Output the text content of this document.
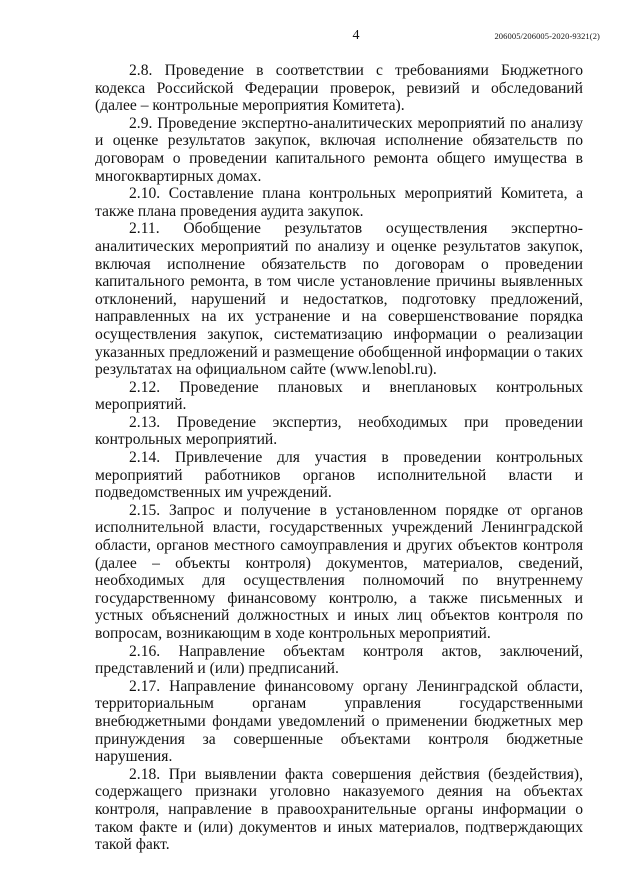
4	206005/206005-2020-9321(2)

2.8. Проведение в соответствии с требованиями Бюджетного кодекса Российской Федерации проверок, ревизий и обследований (далее – контрольные мероприятия Комитета).

2.9. Проведение экспертно-аналитических мероприятий по анализу и оценке результатов закупок, включая исполнение обязательств по договорам о проведении капитального ремонта общего имущества в многоквартирных домах.

2.10. Составление плана контрольных мероприятий Комитета, а также плана проведения аудита закупок.

2.11. Обобщение результатов осуществления экспертно-аналитических мероприятий по анализу и оценке результатов закупок, включая исполнение обязательств по договорам о проведении капитального ремонта, в том числе установление причины выявленных отклонений, нарушений и недостатков, подготовку предложений, направленных на их устранение и на совершенствование порядка осуществления закупок, систематизацию информации о реализации указанных предложений и размещение обобщенной информации о таких результатах на официальном сайте (www.lenobl.ru).

2.12. Проведение плановых и внеплановых контрольных мероприятий.

2.13. Проведение экспертиз, необходимых при проведении контрольных мероприятий.

2.14. Привлечение для участия в проведении контрольных мероприятий работников органов исполнительной власти и подведомственных им учреждений.

2.15. Запрос и получение в установленном порядке от органов исполнительной власти, государственных учреждений Ленинградской области, органов местного самоуправления и других объектов контроля (далее – объекты контроля) документов, материалов, сведений, необходимых для осуществления полномочий по внутреннему государственному финансовому контролю, а также письменных и устных объяснений должностных и иных лиц объектов контроля по вопросам, возникающим в ходе контрольных мероприятий.

2.16. Направление объектам контроля актов, заключений, представлений и (или) предписаний.

2.17. Направление финансовому органу Ленинградской области, территориальным органам управления государственными внебюджетными фондами уведомлений о применении бюджетных мер принуждения за совершенные объектами контроля бюджетные нарушения.

2.18. При выявлении факта совершения действия (бездействия), содержащего признаки уголовно наказуемого деяния на объектах контроля, направление в правоохранительные органы информации о таком факте и (или) документов и иных материалов, подтверждающих такой факт.
